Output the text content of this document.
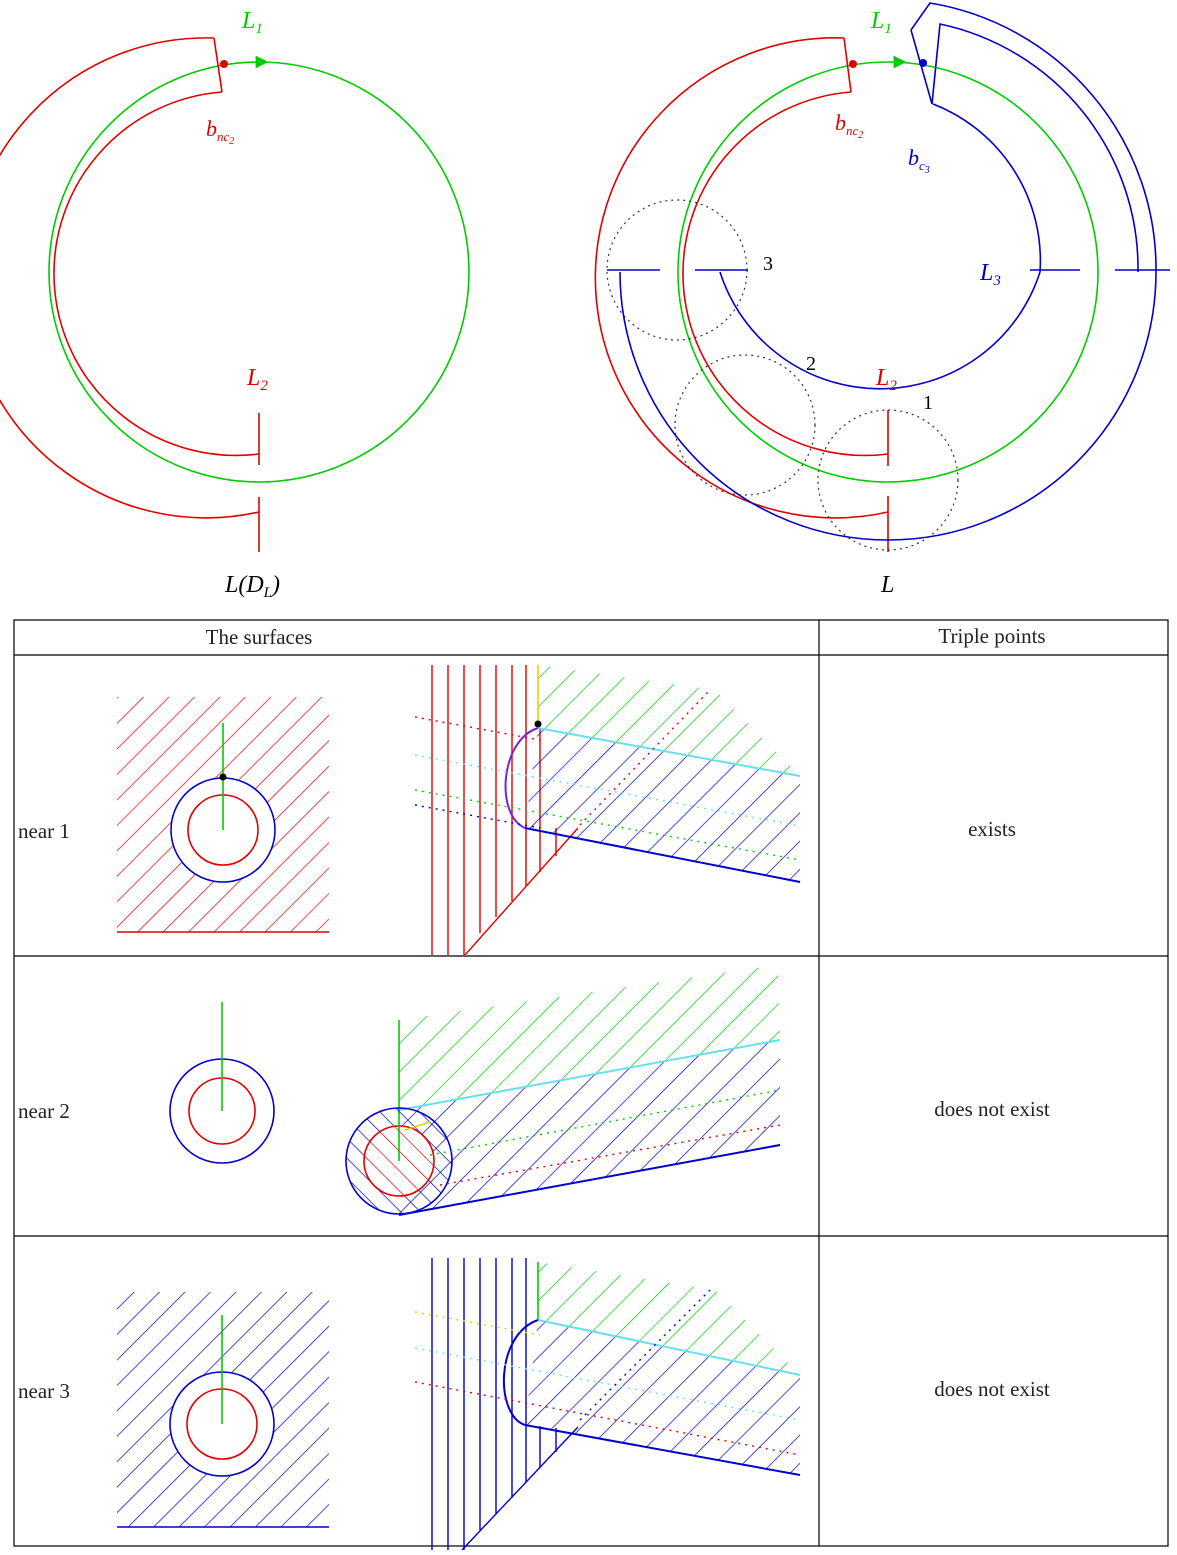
$L_1$
$L_2$
$b_{nc}2$
$L(D_L)$
$L_1$
$L_2$
$L_3$
$b_{nc}2$
$b_c3$
1
2
3
L
The surfaces	Triple points
near 1
near 2
near 3
exists
does not exist
does not exist
